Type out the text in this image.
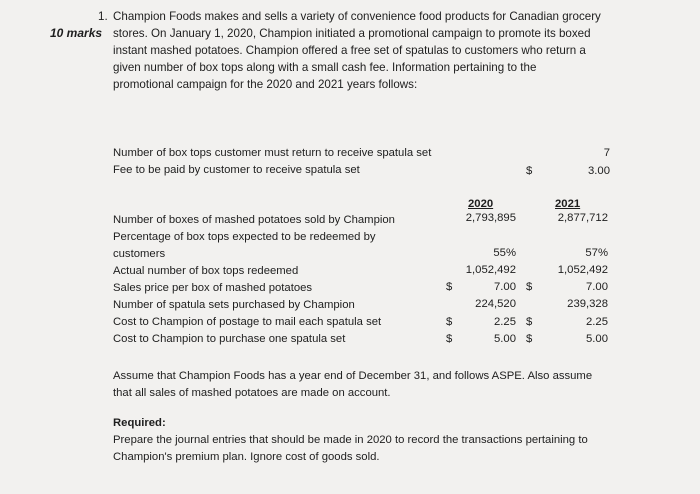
1.
10 marks
Champion Foods makes and sells a variety of convenience food products for Canadian grocery
stores. On January 1, 2020, Champion initiated a promotional campaign to promote its boxed
instant mashed potatoes. Champion offered a free set of spatulas to customers who return a
given number of box tops along with a small cash fee. Information pertaining to the
promotional campaign for the 2020 and 2021 years follows:
Number of box tops customer must return to receive spatula set	7
Fee to be paid by customer to receive spatula set	$	3.00
2020	2021
Number of boxes of mashed potatoes sold by Champion	2,793,895	2,877,712
Percentage of box tops expected to be redeemed by
customers	55%	57%
Actual number of box tops redeemed	1,052,492	1,052,492
Sales price per box of mashed potatoes	$	7.00 $	7.00
Number of spatula sets purchased by Champion	224,520	239,328
Cost to Champion of postage to mail each spatula set	$	2.25 $	2.25
Cost to Champion to purchase one spatula set	$	5.00 $	5.00
Assume that Champion Foods has a year end of December 31, and follows ASPE. Also assume that all sales of mashed potatoes are made on account.
Required:
Prepare the journal entries that should be made in 2020 to record the transactions pertaining to Champion's premium plan. Ignore cost of goods sold.
